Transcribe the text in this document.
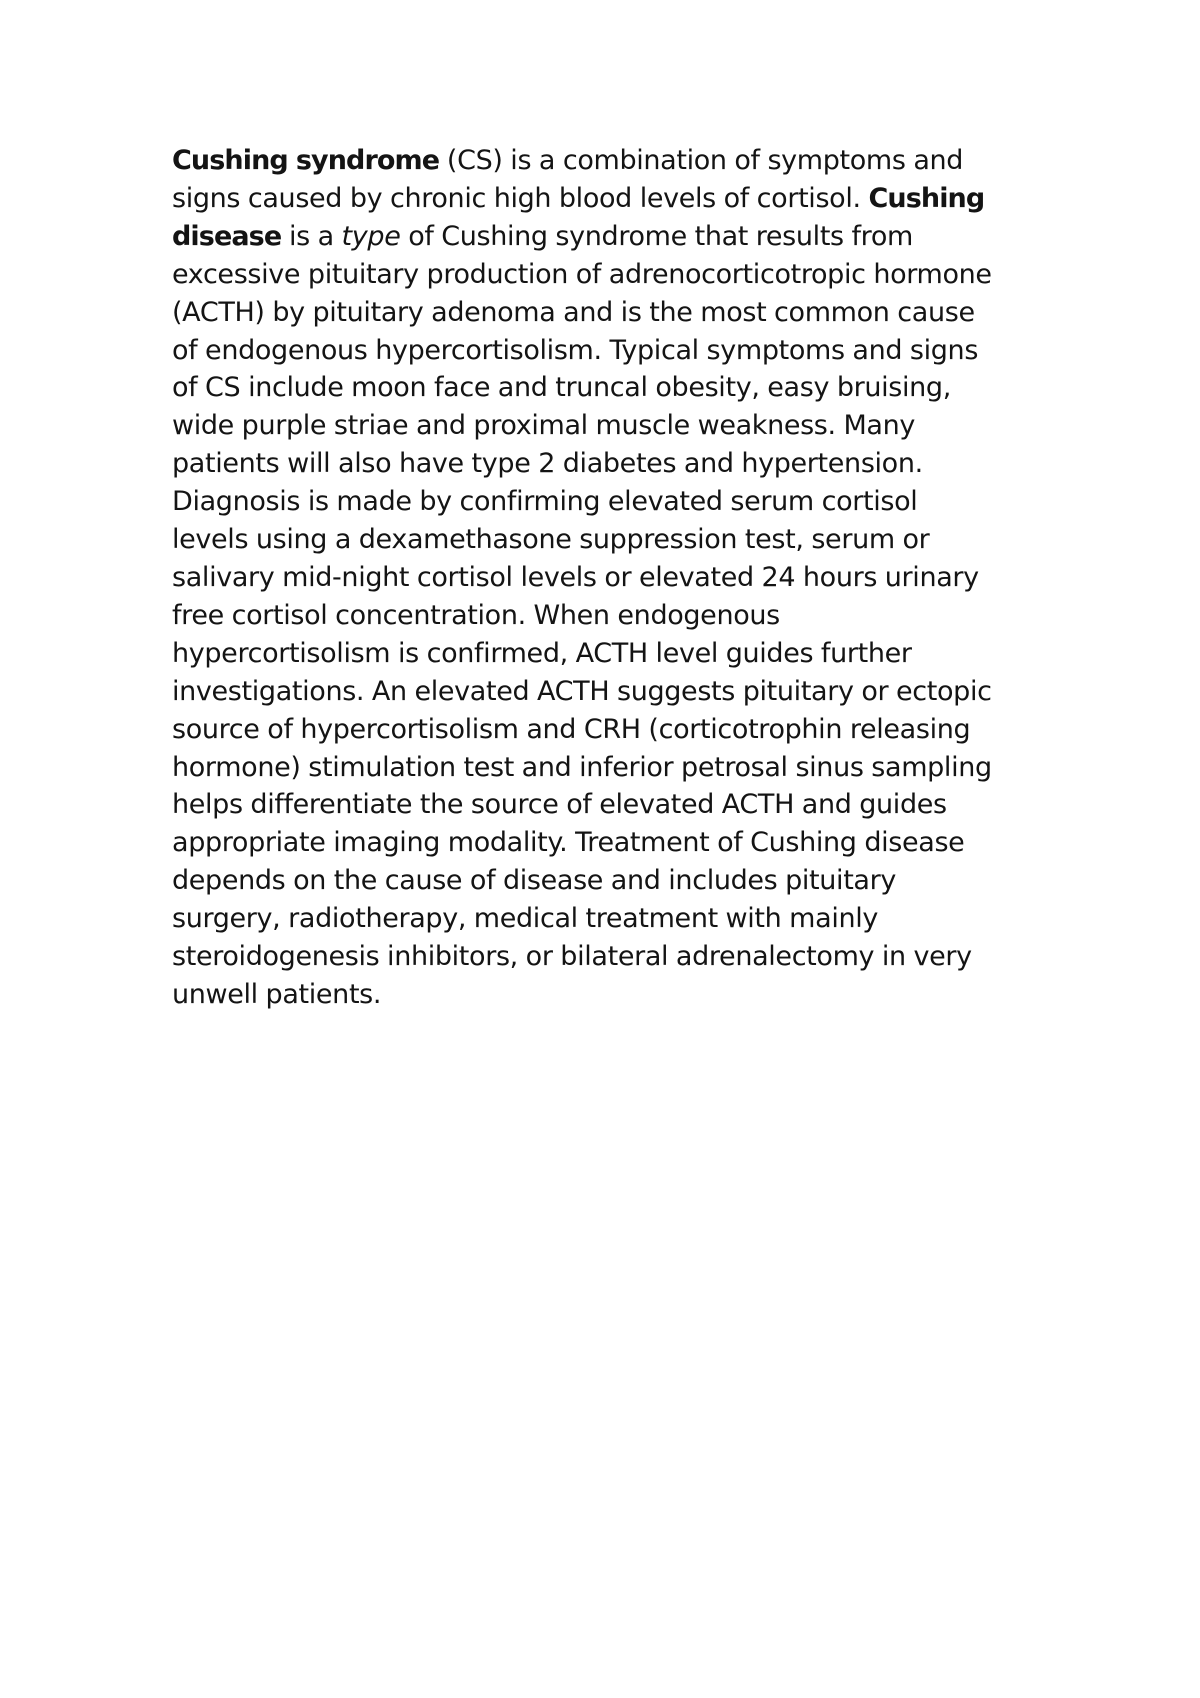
Cushing syndrome (CS) is a combination of symptoms and
signs caused by chronic high blood levels of cortisol. Cushing
disease is a type of Cushing syndrome that results from
excessive pituitary production of adrenocorticotropic hormone
(ACTH) by pituitary adenoma and is the most common cause
of endogenous hypercortisolism. Typical symptoms and signs
of CS include moon face and truncal obesity, easy bruising,
wide purple striae and proximal muscle weakness. Many
patients will also have type 2 diabetes and hypertension.
Diagnosis is made by confirming elevated serum cortisol
levels using a dexamethasone suppression test, serum or
salivary mid-night cortisol levels or elevated 24 hours urinary
free cortisol concentration. When endogenous
hypercortisolism is confirmed, ACTH level guides further
investigations. An elevated ACTH suggests pituitary or ectopic
source of hypercortisolism and CRH (corticotrophin releasing
hormone) stimulation test and inferior petrosal sinus sampling
helps differentiate the source of elevated ACTH and guides
appropriate imaging modality. Treatment of Cushing disease
depends on the cause of disease and includes pituitary
surgery, radiotherapy, medical treatment with mainly
steroidogenesis inhibitors, or bilateral adrenalectomy in very
unwell patients.
